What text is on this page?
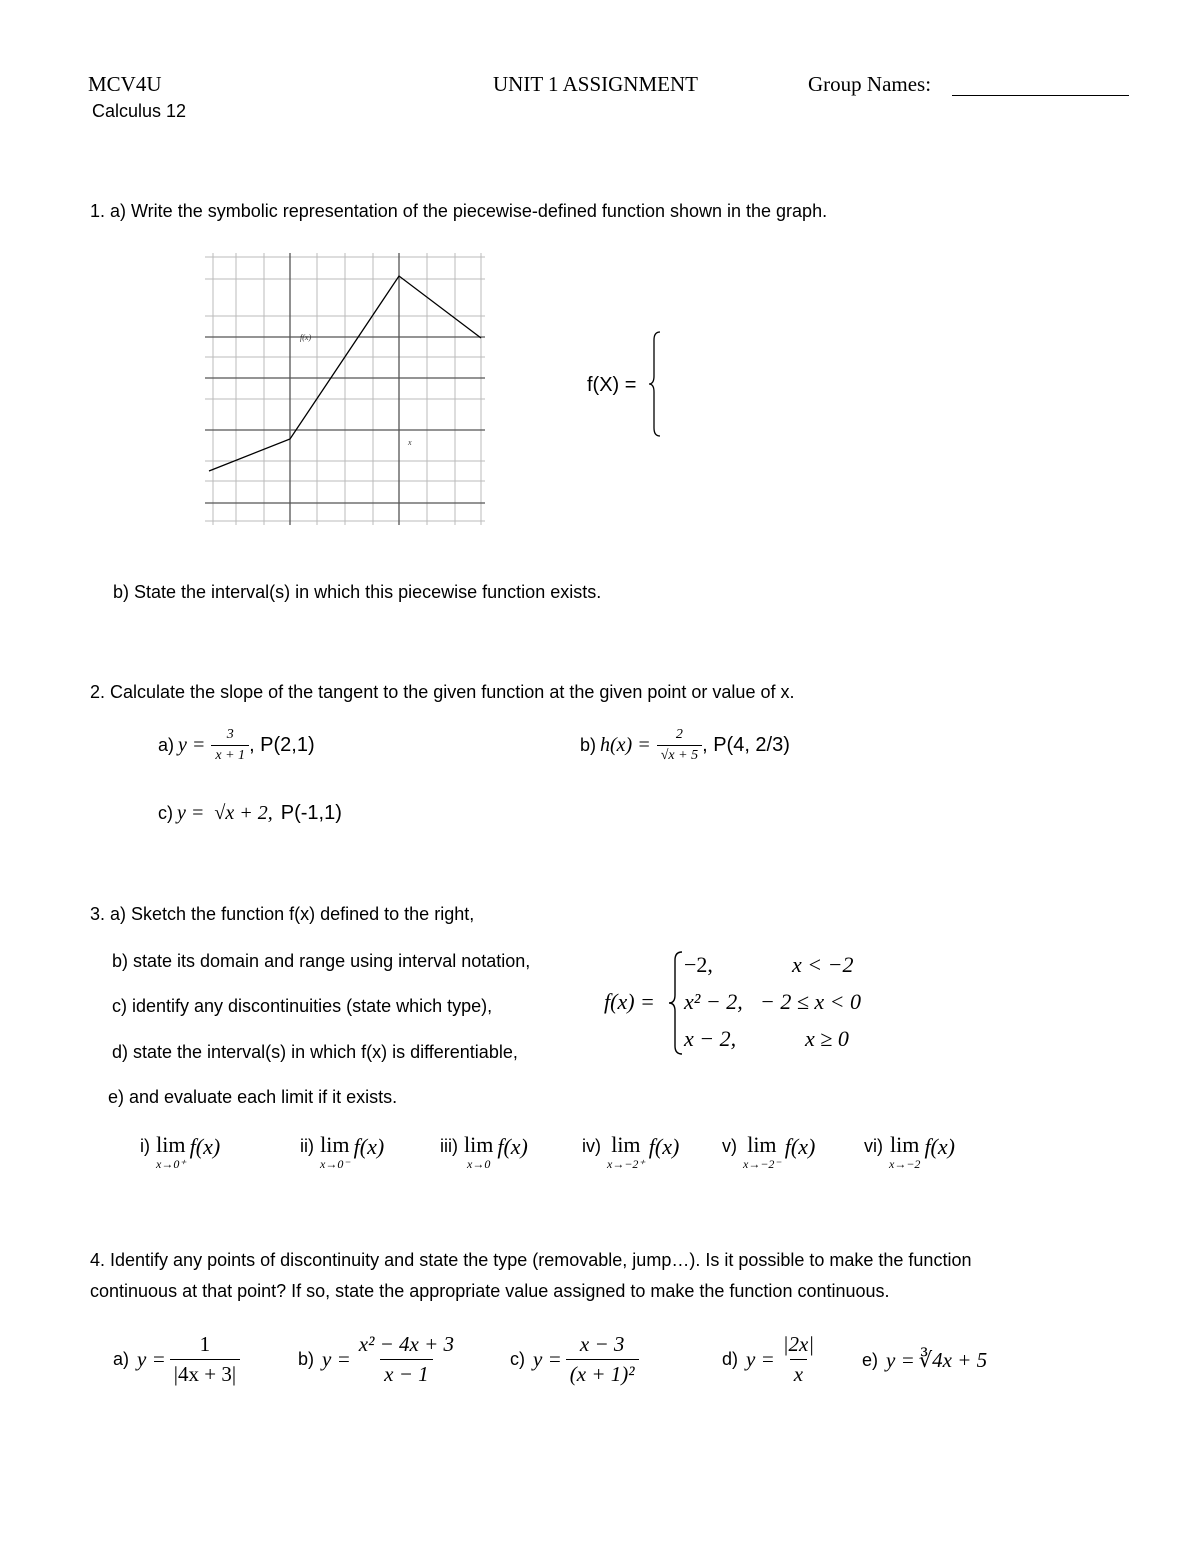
MCV4U
Calculus 12
UNIT 1 ASSIGNMENT	Group Names:
1. a) Write the symbolic representation of the piecewise-defined function shown in the graph.
f(x)
x
f(X) =
b) State the interval(s) in which this piecewise function exists.
2. Calculate the slope of the tangent to the given function at the given point or value of x.
a) $y = \frac{3}{x + 1}$ , P(2,1)	b) $h(x) = \frac{2}{√x + 5}$ , P(4, 2/3)
c) y = √x + 2, P(-1,1)
3. a) Sketch the function f(x) defined to the right,
b) state its domain and range using interval notation,
c) identify any discontinuities (state which type),
d) state the interval(s) in which f(x) is differentiable,
e) and evaluate each limit if it exists.
f(x) =
−2,	x < −2
x² − 2, − 2 ≤ x < 0
x − 2,	x ≥ 0
i) lim
x→0⁺
f(x)	ii) lim
x→0⁻
f(x)	iii) lim
x→0
f(x)	iv) lim
x→−2⁺
f(x) v) lim
x→−2⁻
f(x)	vi) lim
x→−2
f(x)
4. Identify any points of discontinuity and state the type (removable, jump…). Is it possible to make the function
continuous at that point? If so, state the appropriate value assigned to make the function continuous.
a) $y = \frac{1}{|4x + 3|}$	b) $y = \frac{\text{x² − 4x + 3}}{x - 1}$	c) $y = \frac{x - 3}{\text{(x + 1)²}}$	d) $y = \frac{|2x|}{x} e$) y = ∛4x + 5
